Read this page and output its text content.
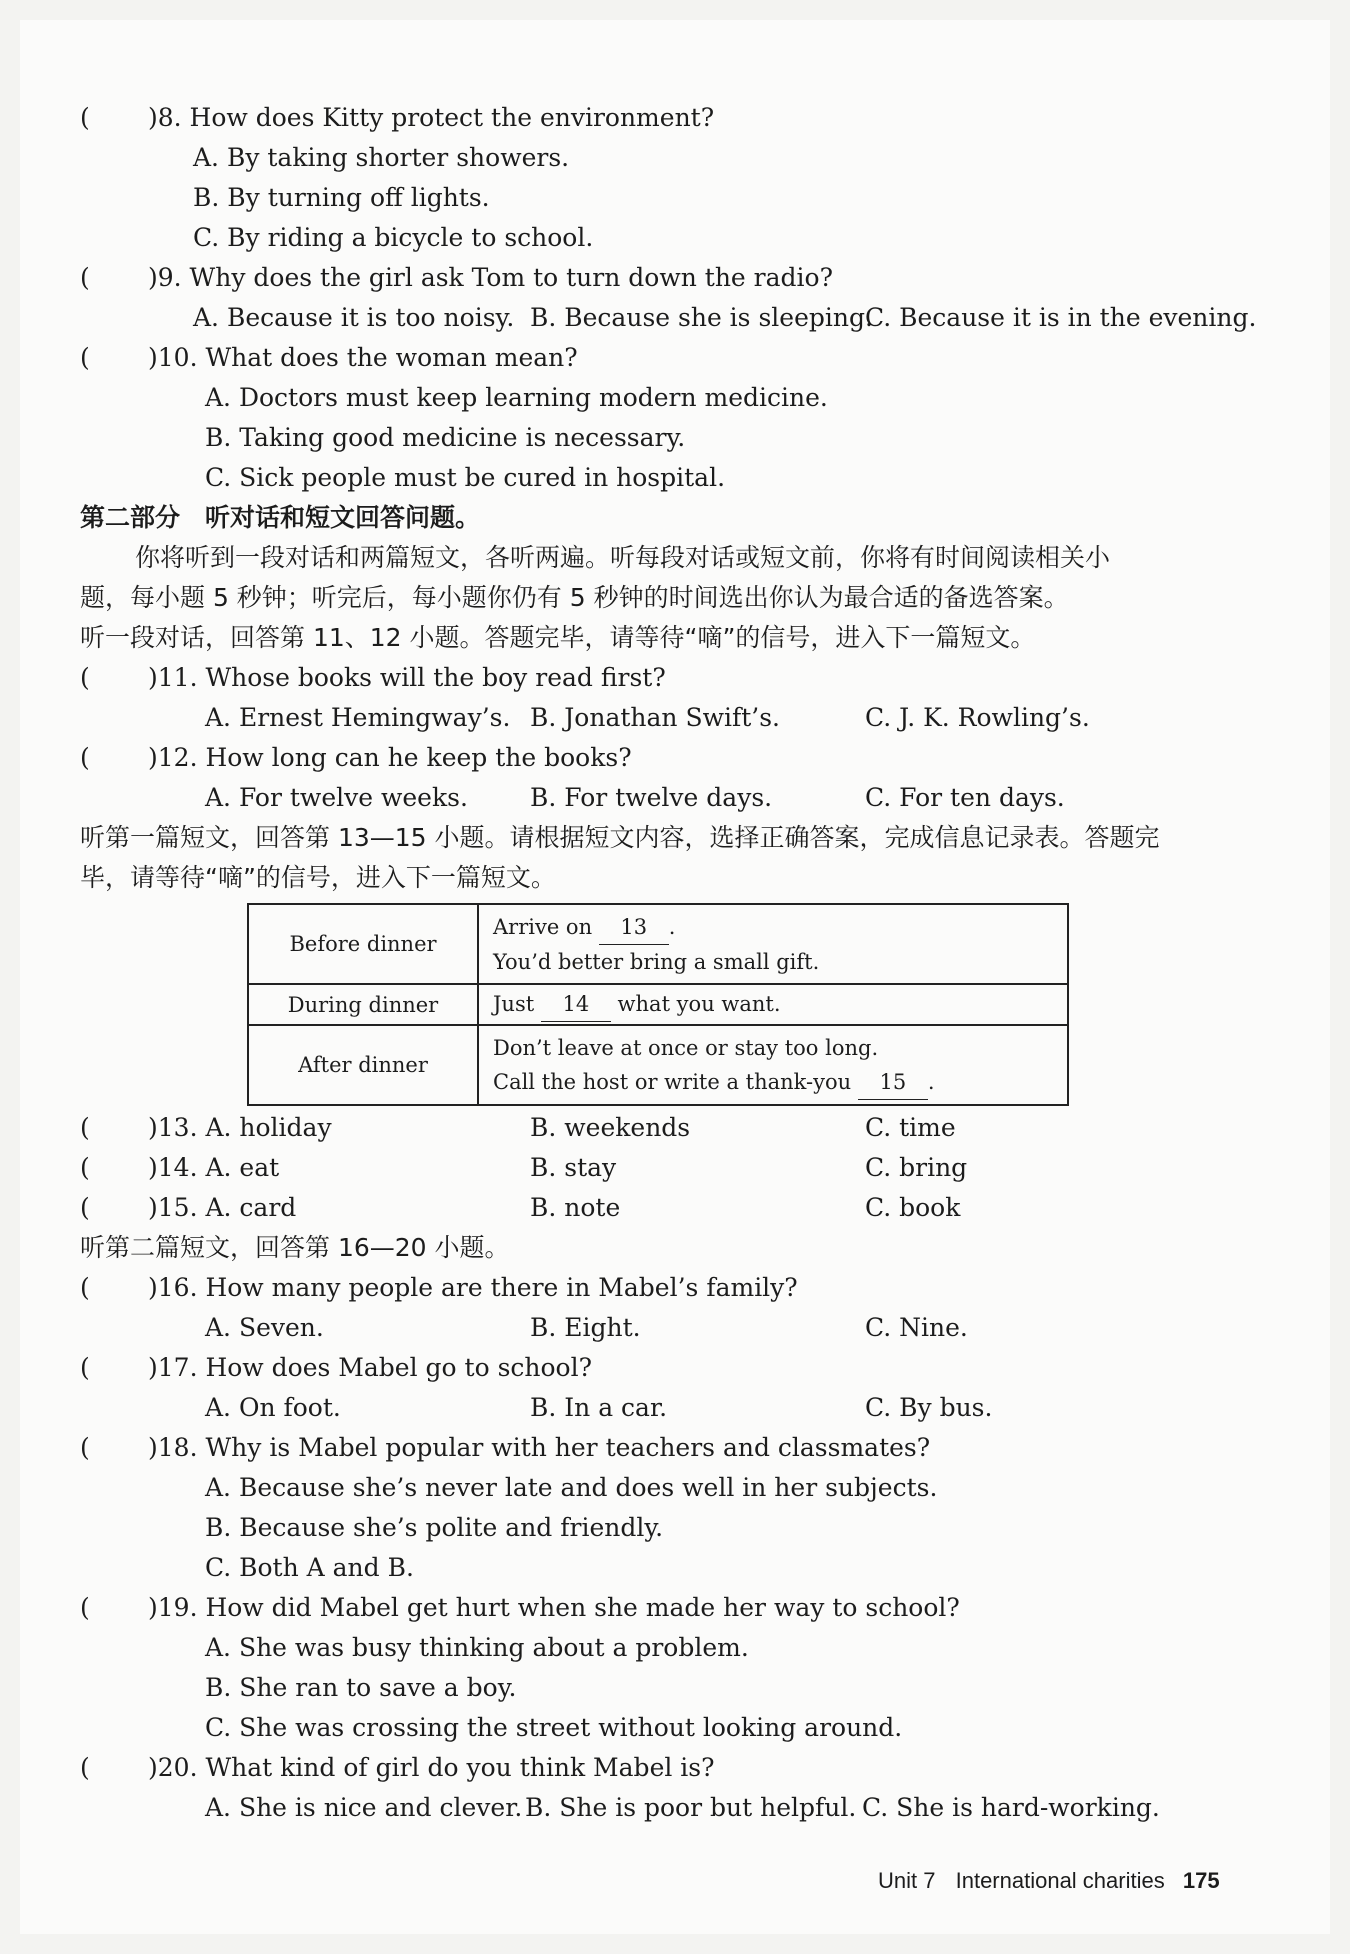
( )8. How does Kitty protect the environment?
A. By taking shorter showers.
B. By turning off lights.
C. By riding a bicycle to school.
( )9. Why does the girl ask Tom to turn down the radio?
A. Because it is too noisy. B. Because she is sleeping.
C. Because it is in the evening.
( )10. What does the woman mean?
A. Doctors must keep learning modern medicine.
B. Taking good medicine is necessary.
C. Sick people must be cured in hospital.
第二部分　听对话和短文回答问题。
你将听到一段对话和两篇短文，各听两遍。听每段对话或短文前，你将有时间阅读相关小
题，每小题 5 秒钟；听完后，每小题你仍有 5 秒钟的时间选出你认为最合适的备选答案。
听一段对话，回答第 11、12 小题。答题完毕，请等待“嘀”的信号，进入下一篇短文。
( )11. Whose books will the boy read first?
A. Ernest Hemingway’s. B. Jonathan Swift’s.	C. J. K. Rowling’s.
( )12. How long can he keep the books?
A. For twelve weeks. B. For twelve days.	C. For ten days.
听第一篇短文，回答第 13—15 小题。请根据短文内容，选择正确答案，完成信息记录表。答题完
毕，请等待“嘀”的信号，进入下一篇短文。
Before dinner	Arrive on 13 .
You’d better bring a small gift.
During dinner	Just 14 what you want.
After dinner	Don’t leave at once or stay too long.
Call the host or write a thank-you 15 .
( )13. A. holiday	B. weekends	C. time
( )14. A. eat	B. stay	C. bring
( )15. A. card	B. note	C. book
听第二篇短文，回答第 16—20 小题。
( )16. How many people are there in Mabel’s family?
A. Seven.	B. Eight.	C. Nine.
( )17. How does Mabel go to school?
A. On foot.	B. In a car.	C. By bus.
( )18. Why is Mabel popular with her teachers and classmates?
A. Because she’s never late and does well in her subjects.
B. Because she’s polite and friendly.
C. Both A and B.
( )19. How did Mabel get hurt when she made her way to school?
A. She was busy thinking about a problem.
B. She ran to save a boy.
C. She was crossing the street without looking around.
( )20. What kind of girl do you think Mabel is?
A. She is nice and clever. B. She is poor but helpful. C. She is hard-working.
Unit 7 International charities 175
